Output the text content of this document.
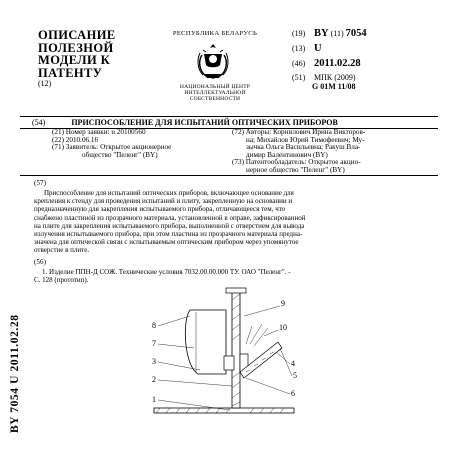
ОПИСАНИЕ
ПОЛЕЗНОЙ
МОДЕЛИ К
ПАТЕНТУ
(12)
РЕСПУБЛИКА БЕЛАРУСЬ
НАЦИОНАЛЬНЫЙ ЦЕНТР ИНТЕЛЛЕКТУАЛЬНОЙ СОБСТВЕННОСТИ
(19) BY (11) 7054
(13) U
(46) 2011.02.28
(51) МПК (2009)
G 01M 11/08
(54)	ПРИСПОСОБЛЕНИЕ ДЛЯ ИСПЫТАНИЙ ОПТИЧЕСКИХ ПРИБОРОВ
(21) Номер заявки: u 20100560
(22) 2010.06.16
(71) Заявитель: Открытое акционерное
общество "Пеленг" (BY)
(72) Авторы: Корнилович Ирина Викторов-
на; Михайлов Юрий Тимофеевич; Му-
зычка Ольга Васильевна; Ракуш Вла-
димир Валентинович (BY)
(73) Патентообладатель: Открытое акцио-
нерное общество "Пеленг" (BY)
(57)
Приспособление для испытаний оптических приборов, включающее основание для
крепления к стенду для проведения испытаний и плиту, закрепленную на основании и
предназначенную для закрепления испытываемого прибора, отличающееся тем, что
снабжено пластиной из прозрачного материала, установленной в оправе, зафиксированной
на плите для закрепления испытываемого прибора, выполненной с отверстием для вывода
излучения испытываемого прибора, при этом пластина из прозрачного материала предна-
значена для оптической связи с испытываемым оптическим прибором через упомянутое
отверстие в плите.
(56)
1. Изделие ППН-Д СОЖ. Технические условия 7032.00.00.000 ТУ. ОАО "Пеленг". -
С. 128 (прототип).
BY 7054 U 2011.02.28	8
7
3
2
1
9
10
4
5
6
